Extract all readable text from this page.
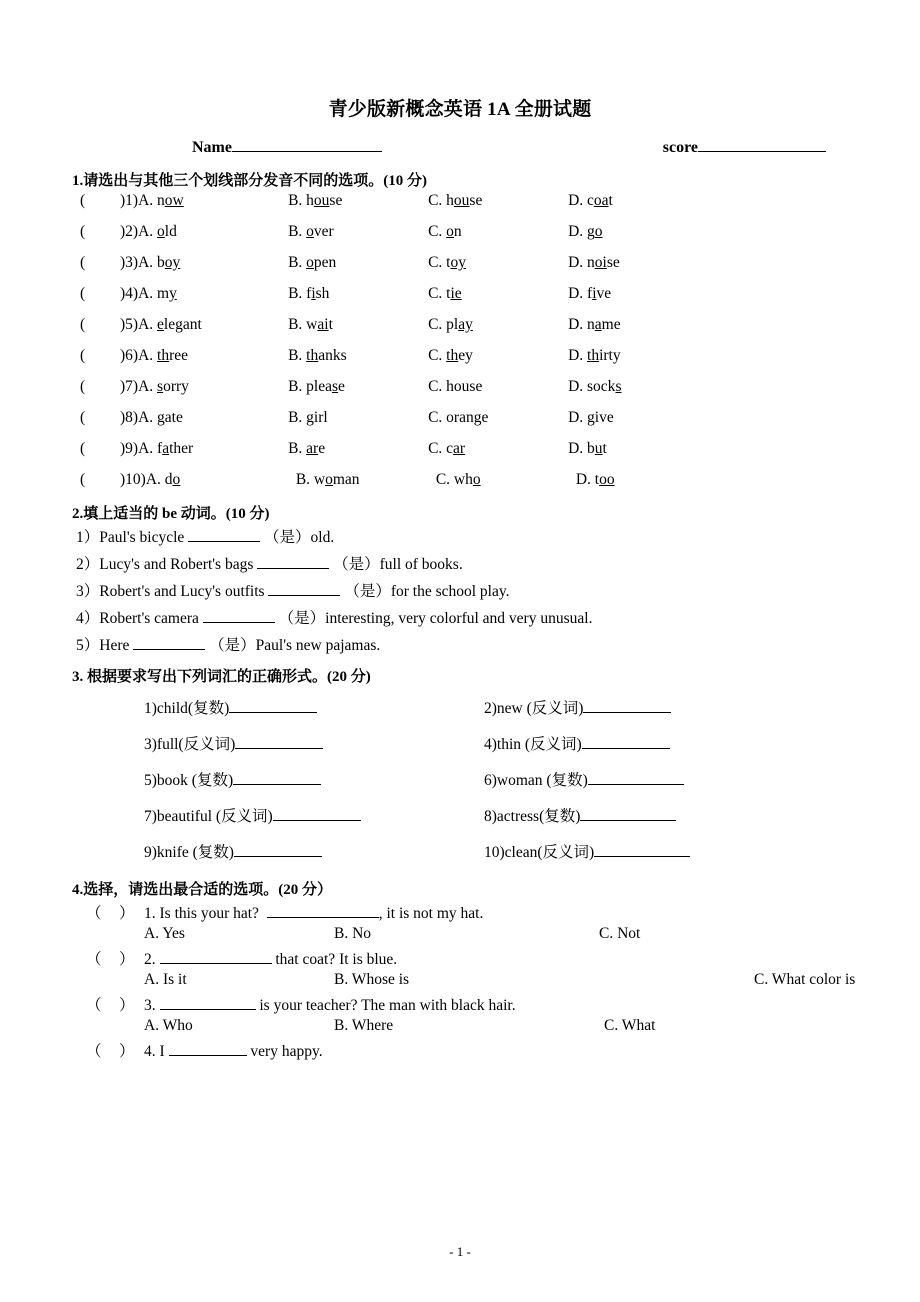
青少版新概念英语 1A 全册试题
Name	score
1.请选出与其他三个划线部分发音不同的选项。(10 分)
(	)1) A. now	B. house	C. house	D. coat
(	)2) A. old	B. over	C. on	D. go
(	)3) A. boy	B. open	C. toy	D. noise
(	)4) A. my	B. fish	C. tie	D. five
(	)5) A. elegant	B. wait	C. play	D. name
(	)6) A. three	B. thanks	C. they	D. thirty
(	)7) A. sorry	B. please	C. house	D. socks
(	)8) A. gate	B. girl	C. orange	D. give
(	)9) A. father	B. are	C. car	D. but
(	)10) A. do	B. woman	C. who	D. too
2.填上适当的 be 动词。(10 分)
1）Paul's bicycle	（是）old.
2）Lucy's and Robert's bags	（是）full of books.
3）Robert's and Lucy's outfits	（是）for the school play.
4）Robert's camera	（是）interesting, very colorful and very unusual.
5）Here	（是）Paul's new pajamas.
3. 根据要求写出下列词汇的正确形式。(20 分)
1)child(复数)	2)new (反义词)
3)full(反义词)	4)thin (反义词)
5)book (复数)	6)woman (复数)
7)beautiful (反义词)	8)actress(复数)
9)knife (复数)	10)clean(反义词)
4.选择，请选出最合适的选项。(20 分）
（　） 1. Is this your hat?	, it is not my hat.
A. Yes	B. No	C. Not
（　） 2.	that coat? It is blue.
A. Is it	B. Whose is	C. What color is
（　） 3.	is your teacher? The man with black hair.
A. Who	B. Where	C. What
（　） 4. I	very happy.
- 1 -
